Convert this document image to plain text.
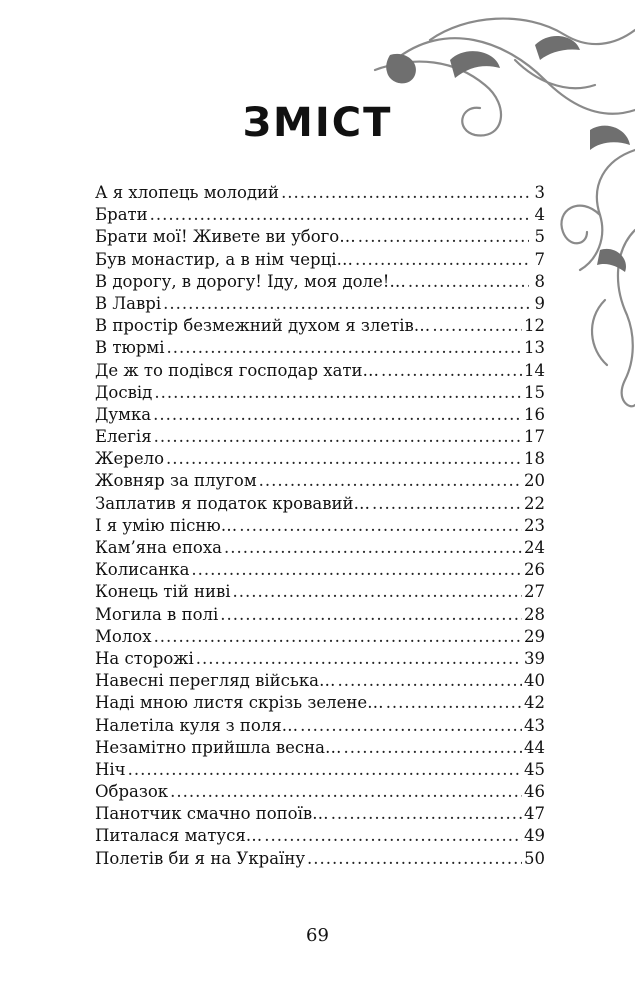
ЗМІСТ
А я хлопець молодий .....	3
Брати .....	4
Брати мої! Живете ви убого… .....	5
Був монастир, а в нім черці… .....	7
В дорогу, в дорогу! Іду, моя доле!… .....	8
В Лаврі .....	9
В простір безмежний духом я злетів… .....	12
В тюрмі .....	13
Де ж то подівся господар хати… .....	14
Досвід .....	15
Думка .....	16
Елегія .....	17
Жерело .....	18
Жовняр за плугом .....	20
Заплатив я податок кровавий… .....	22
І я умію пісню… .....	23
Кам’яна епоха .....	24
Колисанка .....	26
Конець тій ниві .....	27
Могила в полі .....	28
Молох .....	29
На сторожі .....	39
Навесні перегляд війська… .....	40
Наді мною листя скрізь зелене… .....	42
Налетіла куля з поля… .....	43
Незамітно прийшла весна… .....	44
Ніч .....	45
Образок .....	46
Панотчик смачно попоїв… .....	47
Питалася матуся… .....	49
Полетів би я на Україну .....	50
69
